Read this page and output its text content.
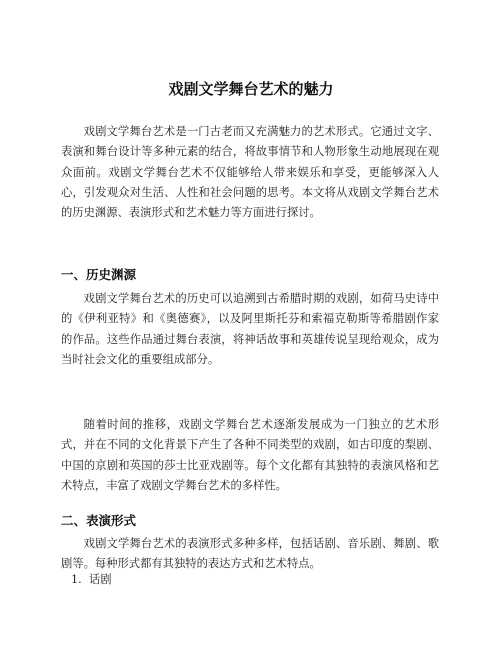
戏剧文学舞台艺术的魅力

戏剧文学舞台艺术是一门古老而又充满魅力的艺术形式。它通过文字、表演和舞台设计等多种元素的结合，将故事情节和人物形象生动地展现在观众面前。戏剧文学舞台艺术不仅能够给人带来娱乐和享受，更能够深入人心，引发观众对生活、人性和社会问题的思考。本文将从戏剧文学舞台艺术的历史渊源、表演形式和艺术魅力等方面进行探讨。

一、历史渊源

戏剧文学舞台艺术的历史可以追溯到古希腊时期的戏剧，如荷马史诗中的《伊利亚特》和《奥德赛》，以及阿里斯托芬和索福克勒斯等希腊剧作家的作品。这些作品通过舞台表演，将神话故事和英雄传说呈现给观众，成为当时社会文化的重要组成部分。

随着时间的推移，戏剧文学舞台艺术逐渐发展成为一门独立的艺术形式，并在不同的文化背景下产生了各种不同类型的戏剧，如古印度的梨剧、中国的京剧和英国的莎士比亚戏剧等。每个文化都有其独特的表演风格和艺术特点，丰富了戏剧文学舞台艺术的多样性。

二、表演形式

戏剧文学舞台艺术的表演形式多种多样，包括话剧、音乐剧、舞剧、歌剧等。每种形式都有其独特的表达方式和艺术特点。

1. 话剧
